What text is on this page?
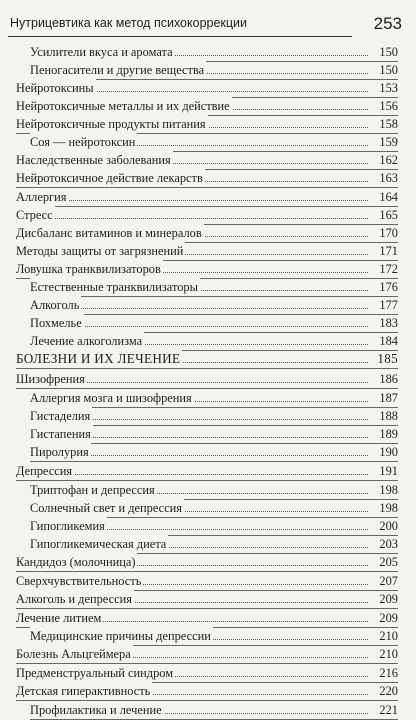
Нутрицевтика как метод психокоррекции	253
Усилители вкуса и аромата	150
Пеногасители и другие вещества	150
Нейротоксины	153
Нейротоксичные металлы и их действие	156
Нейротоксичные продукты питания	158
Соя — нейротоксин	159
Наследственные заболевания	162
Нейротоксичное действие лекарств	163
Аллергия	164
Стресс	165
Дисбаланс витаминов и минералов	170
Методы защиты от загрязнений	171
Ловушка транквилизаторов	172
Естественные транквилизаторы	176
Алкоголь	177
Похмелье	183
Лечение алкоголизма	184
БОЛЕЗНИ И ИХ ЛЕЧЕНИЕ	185
Шизофрения	186
Аллергия мозга и шизофрения	187
Гистаделия	188
Гистапения	189
Пиролурия	190
Депрессия	191
Триптофан и депрессия	198
Солнечный свет и депрессия	198
Гипогликемия	200
Гипогликемическая диета	203
Кандидоз (молочница)	205
Сверхчувствительность	207
Алкоголь и депрессия	209
Лечение литием	209
Медицинские причины депрессии	210
Болезнь Альцгеймера	210
Предменструальный синдром	216
Детская гиперактивность	220
Профилактика и лечение	221
